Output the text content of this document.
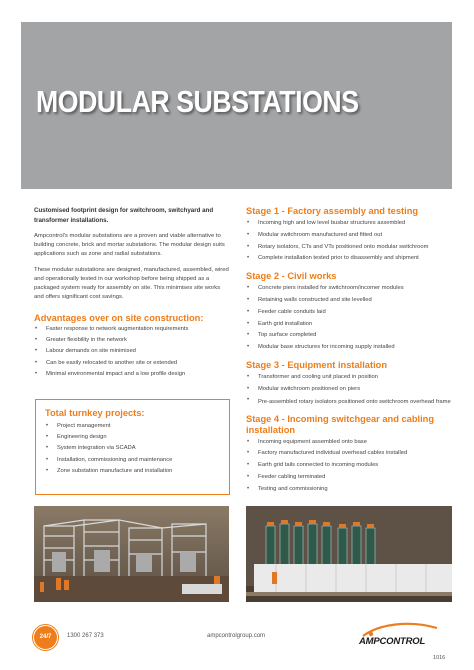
MODULAR SUBSTATIONS

Customised footprint design for switchroom, switchyard and transformer installations.

Ampcontrol's modular substations are a proven and viable alternative to building concrete, brick and mortar substations. The modular design suits applications such as zone and radial substations.

These modular substations are designed, manufactured, assembled, wired and operationally tested in our workshop before being shipped as a packaged system ready for assembly on site. This minimises site works and offers significant cost savings.

Advantages over on site construction:
• Faster response to network augmentation requirements
• Greater flexibility in the network
• Labour demands on site minimised
• Can be easily relocated to another site or extended
• Minimal environmental impact and a low profile design
Total turnkey projects:
• Project management
• Engineering design
• System integration via SCADA
• Installation, commissioning and maintenance
• Zone substation manufacture and installation
Stage 1 - Factory assembly and testing
• Incoming high and low level busbar structures assembled
• Modular switchroom manufactured and fitted out
• Rotary isolators, CTs and VTs positioned onto modular switchroom
• Complete installation tested prior to disassembly and shipment
Stage 2 - Civil works
• Concrete piers installed for switchroom/incomer modules
• Retaining walls constructed and site levelled
• Feeder cable conduits laid
• Earth grid installation
• Top surface completed
• Modular base structures for incoming supply installed
Stage 3 - Equipment installation
• Transformer and cooling unit placed in position
• Modular switchroom positioned on piers
• Pre-assembled rotary isolators positioned onto switchroom overhead frame
Stage 4 - Incoming switchgear and cabling installation
• Incoming equipment assembled onto base
• Factory manufactured individual overhead cables installed
• Earth grid tails connected to incoming modules
• Feeder cabling terminated
• Testing and commissioning
24/7	1300 267 373	ampcontrolgroup.com	AMPCONTROL
1016
